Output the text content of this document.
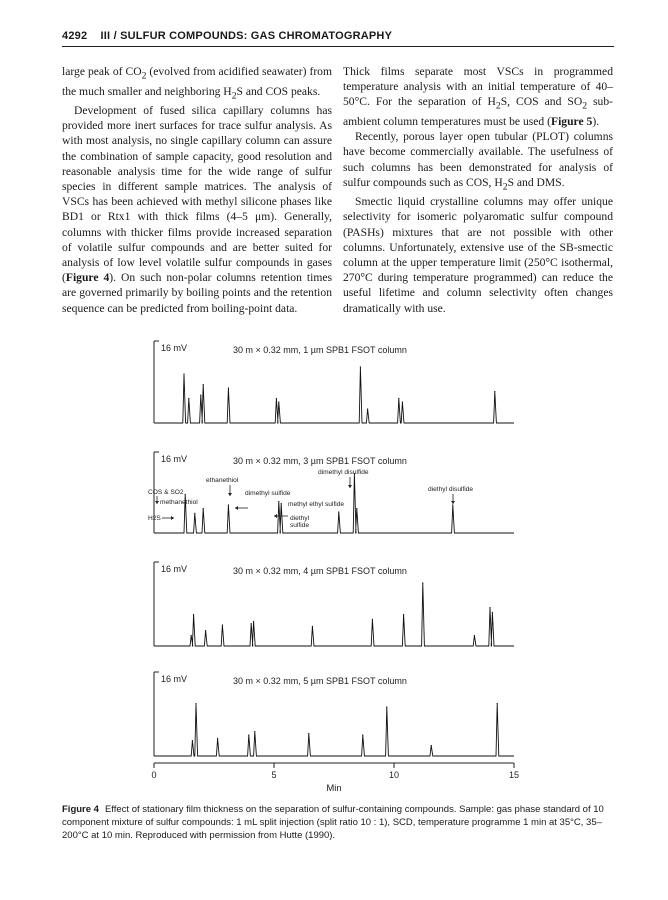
4292 III / SULFUR COMPOUNDS: GAS CHROMATOGRAPHY

large peak of $CO_2$ (evolved from acidified seawater) from the much smaller and neighboring $H_2S$ and COS peaks.

Development of fused silica capillary columns has provided more inert surfaces for trace sulfur analysis. As with most analysis, no single capillary column can assure the combination of sample capacity, good resolution and reasonable analysis time for the wide range of sulfur species in different sample matrices. The analysis of VSCs has been achieved with methyl silicone phases like BD1 or Rtx1 with thick films (4–5 μm). Generally, columns with thicker films provide increased separation of volatile sulfur compounds and are better suited for analysis of low level volatile sulfur compounds in gases (Figure 4). On such non-polar columns retention times are governed primarily by boiling points and the retention sequence can be predicted from boiling-point data.

Thick films separate most VSCs in programmed temperature analysis with an initial temperature of 40–50°C. For the separation of $H_2S$, COS and $SO_2$ sub-ambient column temperatures must be used (Figure 5).

Recently, porous layer open tubular (PLOT) columns have become commercially available. The usefulness of such columns has been demonstrated for analysis of sulfur compounds such as COS, $H_2S$ and DMS.

Smectic liquid crystalline columns may offer unique selectivity for isomeric polyaromatic sulfur compound (PASHs) mixtures that are not possible with other columns. Unfortunately, extensive use of the SB-smectic column at the upper temperature limit (250°C isothermal, 270°C during temperature programmed) can reduce the useful lifetime and column selectivity often changes dramatically with use.

16 mV	30 m × 0.32 mm, 1 µm SPB1 FSOT column
16 mV	30 m × 0.32 mm, 3 µm SPB1 FSOT column
16 mV	30 m × 0.32 mm, 4 µm SPB1 FSOT column
16 mV	30 m × 0.32 mm, 5 µm SPB1 FSOT column
COS & SO2
H2S
ethanethiol
methanethiol
dimethyl sulfide
methyl ethyl sulfide
diethyl
sulfide
dimethyl disulfide
diethyl disulfide
0	5	10	15
Min
Figure 4 Effect of stationary film thickness on the separation of sulfur-containing compounds. Sample: gas phase standard of 10 component mixture of sulfur compounds: 1 mL split injection (split ratio 10 : 1), SCD, temperature programme 1 min at 35°C, 35–200°C at 10 min. Reproduced with permission from Hutte (1990).
